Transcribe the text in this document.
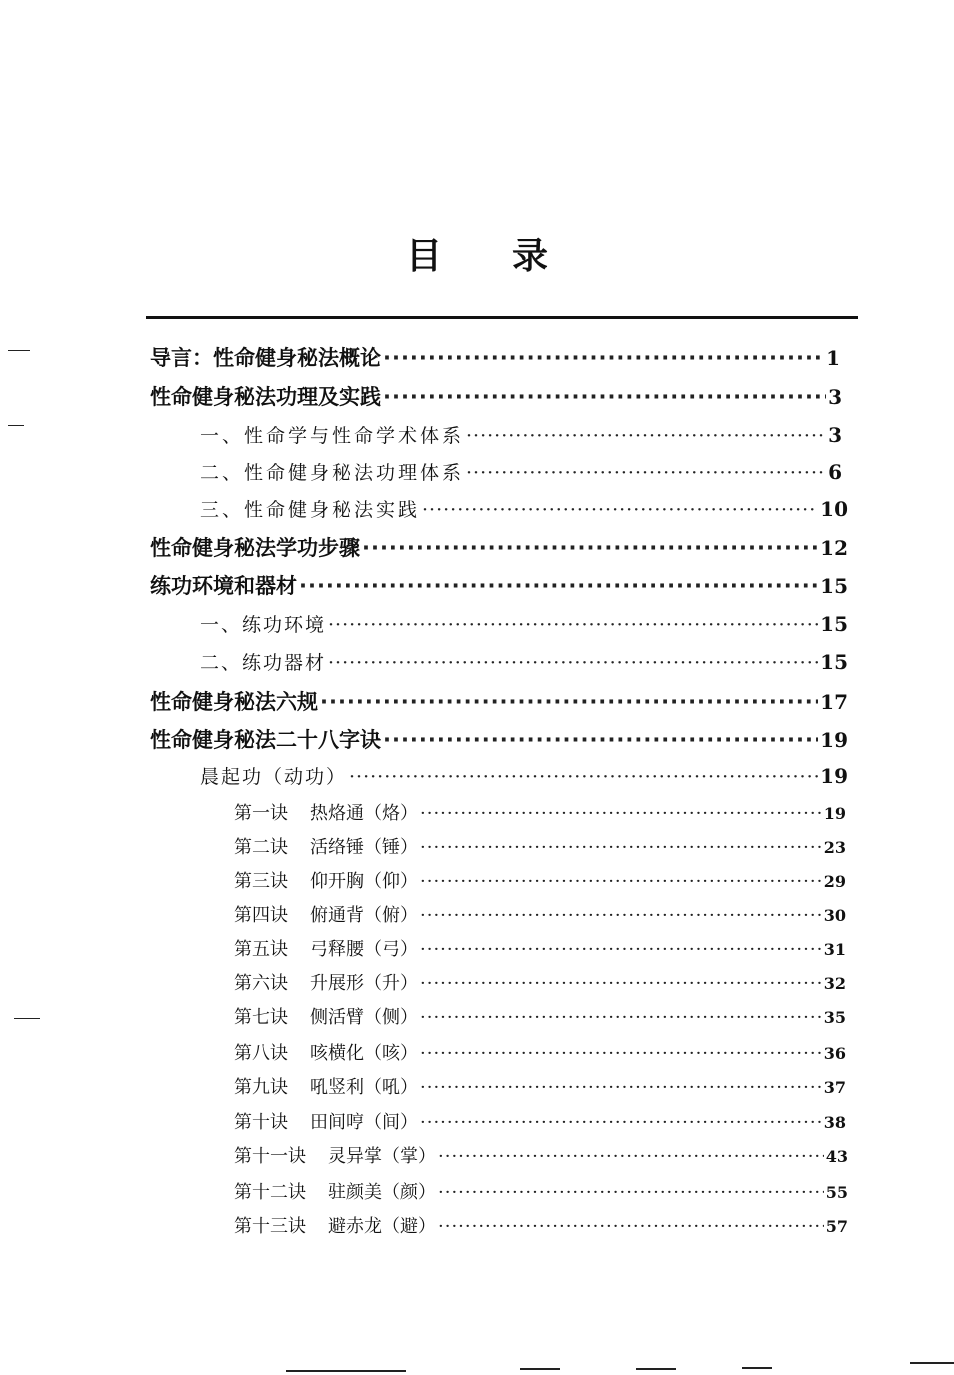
目 录
导言：性命健身秘法概论 ·····	1
性命健身秘法功理及实践 ·····	3
一、性命学与性命学术体系 ·····	3
二、性命健身秘法功理体系 ·····	6
三、性命健身秘法实践 ·····	10
性命健身秘法学功步骤 ·····	12
练功环境和器材 ·····	15
一、练功环境 ·····	15
二、练功器材 ·····	15
性命健身秘法六规 ·····	17
性命健身秘法二十八字诀 ·····	19
晨起功（动功） ·····	19
第一诀 热烙通（烙） ·····	19
第二诀 活络锤（锤） ·····	23
第三诀 仰开胸（仰） ·····	29
第四诀 俯通背（俯） ·····	30
第五诀 弓释腰（弓） ·····	31
第六诀 升展形（升） ·····	32
第七诀 侧活臂（侧） ·····	35
第八诀 咳横化（咳） ·····	36
第九诀 吼竖利（吼） ·····	37
第十诀 田间哼（间） ·····	38
第十一诀 灵异掌（掌） ·····	43
第十二诀 驻颜美（颜） ·····	55
第十三诀 避赤龙（避） ·····	57
